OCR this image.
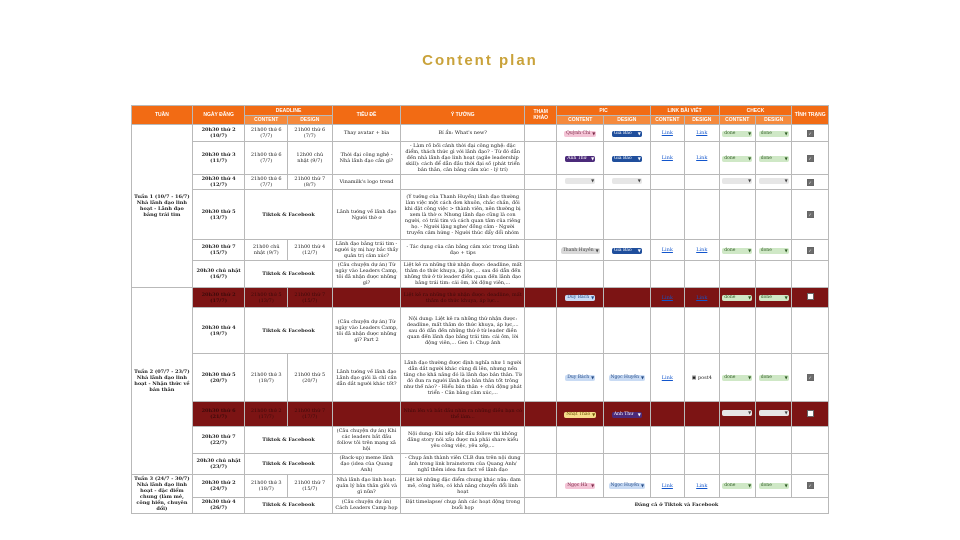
Content plan
TUẦN	NGÀY ĐĂNG	DEADLINE		TIÊU ĐỀ	Ý TƯỞNG	THAM KHẢO	PIC		LINK BÀI VIẾT		CHECK		TÌNH TRẠNG
		CONTENT	DESIGN				CONTENT	DESIGN	CONTENT	DESIGN	CONTENT	DESIGN	
Tuần 1 (10/7 - 16/7) Nhà lãnh đạo linh hoạt - Lãnh đạo bằng trái tim	20h30 thứ 2 (10/7)	21h00 thứ 6 (7/7)	21h00 thứ 6 (7/7)	Thay avatar + bìa	Bí ẩn: What's new?		Quỳnh Chi ▼	Gia Bảo ▼	Link	Link	done ▼	done ▼	✓
	20h30 thứ 3 (11/7)	21h00 thứ 6 (7/7)	12h00 chủ nhật (9/7)	Thời đại công nghệ - Nhà lãnh đạo cần gì?	- Làm rõ bối cảnh thời đại công nghệ: đặc điểm, thách thức gì với lãnh đạo? - Từ đó dẫn đến nhà lãnh đạo linh hoạt (agile leadership skill): cách để dẫn đầu thời đại số (phát triển bản thân, cân bằng cảm xúc - lý trí)		Anh Thư ▼	Gia Bảo ▼	Link	Link	done ▼	done ▼	✓
	20h30 thứ 4 (12/7)	21h00 thứ 6 (7/7)	21h00 thứ 7 (8/7)	Vinamilk's logo trend			▼	▼			▼	▼	✓
	20h30 thứ 5 (13/7)	Tiktok & Facebook		Lãnh tướng về lãnh đạo Người thờ ơ	(Ý tưởng của Thanh Huyền) lãnh đạo thường làm việc một cách đơn khuôn, chắc chắn, đôi khi đặt công việc > thành viên, nên thường bị xem là thờ ơ. Nhưng lãnh đạo cũng là con người, có trái tim và cách quan tâm của riêng họ. - Người lặng nghe/ đồng cảm - Người truyền cảm hứng - Người thúc đẩy đổi nhóm								✓
	20h30 thứ 7 (15/7)	21h00 chủ nhật (9/7)	21h00 thứ 4 (12/7)	Lãnh đạo bằng trái tim - người ủy mị hay bắc thầy quản trị cảm xúc?	- Tác dụng của cân bằng cảm xúc trong lãnh đạo + tips		Thanh Huyền ▼	Gia Bảo ▼	Link	Link	done ▼	done ▼	✓
	20h30 chủ nhật (16/7)	Tiktok & Facebook		(Câu chuyện dự án) Từ ngày vào Leaders Camp, tôi đã nhận được những gì?	Liệt kê ra những thứ nhận được: deadline, mất thâm do thức khuya, áp lực,... sau đó dẫn đến những thứ ở từ leader điền quan đến lãnh đạo bằng trái tim: cái ôm, lời động viên,...								
Tuần 2 (07/7 - 23/7) Nhà lãnh đạo linh hoạt - Nhận thức về bản thân	20h30 thứ 2 (17/7)	21h00 thứ 5 (13/7)	21h00 thứ 7 (15/7)		Liệt kê ra những thứ nhận được: deadline, mất thâm do thức khuya, áp lực...		Duy Bách ▼		Link	Link	done ▼	done ▼	

	20h30 thứ 4 (19/7)	Tiktok & Facebook		(Câu chuyện dự án) Từ ngày vào Leaders Camp, tôi đã nhận được những gì? Part 2	Nội dung: Liệt kê ra những thứ nhận được: deadline, mất thâm do thức khuya, áp lực,... sau đó dẫn đến những thứ ở từ leader điền quan đến lãnh đạo bằng trái tim: cái ôm, lời động viên,... Gen 1: Chụp ảnh								
	20h30 thứ 5 (20/7)	21h00 thứ 3 (18/7)	21h00 thứ 5 (20/7)	Lãnh tướng về lãnh đạo Lãnh đạo giỏi là chỉ cần dẫn dắt người khác tốt?	Lãnh đạo thường được định nghĩa như 1 người dẫn dắt người khác cùng đi lên, nhưng nền tảng cho khả năng đó là lãnh đạo bản thân. Từ đó đưa ra người lãnh đạo bản thân tốt trông như thế nào? - Hiểu bản thân + chủ động phát triển - Cân bằng cảm xúc,...		Duy Bách ▼	Ngọc Huyền ▼	Link	▣ post4	done ▼	done ▼	✓
	20h30 thứ 6 (21/7)	21h00 thứ 2 (17/7)	21h00 thứ 7 (17/7)		Nhìn lên và bắt đầu nhìn ra những điều bạn có thể làm...		Nhật Thảo ▼	Anh Thư ▼			▼	▼	

	20h30 thứ 7 (22/7)	Tiktok & Facebook		(Câu chuyện dự án) Khi các leaders bắt đầu follow tôi trên mạng xã hội	Nội dung: Khi xếp bắt đầu follow thì không đăng story nói xấu được mà phải share kiểu yêu công việc, yêu xếp,...								
	20h30 chủ nhật (23/7)	Tiktok & Facebook		(Back-up) meme lãnh đạo (idea của Quang Anh)	- Chụp ảnh thành viên CLB đưa trên nội dung ảnh trong link brainstorm của Quang Anh/ nghĩ thêm idea fun fact về lãnh đạo								
Tuần 3 (24/7 - 30/7) Nhà lãnh đạo linh hoạt - đặc điểm chung (làm mẻ, công hiến, chuyên đổi)	20h30 thứ 2 (24/7)	21h00 thứ 3 (18/7)	21h00 thứ 7 (15/7)	Nhà lãnh đạo linh hoạt: quản lý bản thân giỏi và gì nữa?	Liệt kê những đặc điểm chung khác nữa: đam mê, công hiến, có khả năng chuyển đổi linh hoạt		Ngọc Hà ▼	Ngọc Huyền ▼	Link	Link	done ▼	done ▼	✓
	20h30 thứ 4 (26/7)	Tiktok & Facebook		(Câu chuyện dự án) Cách Leaders Camp họp	Đặt timelapse/ chụp ảnh các hoạt động trong buổi họp	Đăng cả ở Tiktok và Facebook							
